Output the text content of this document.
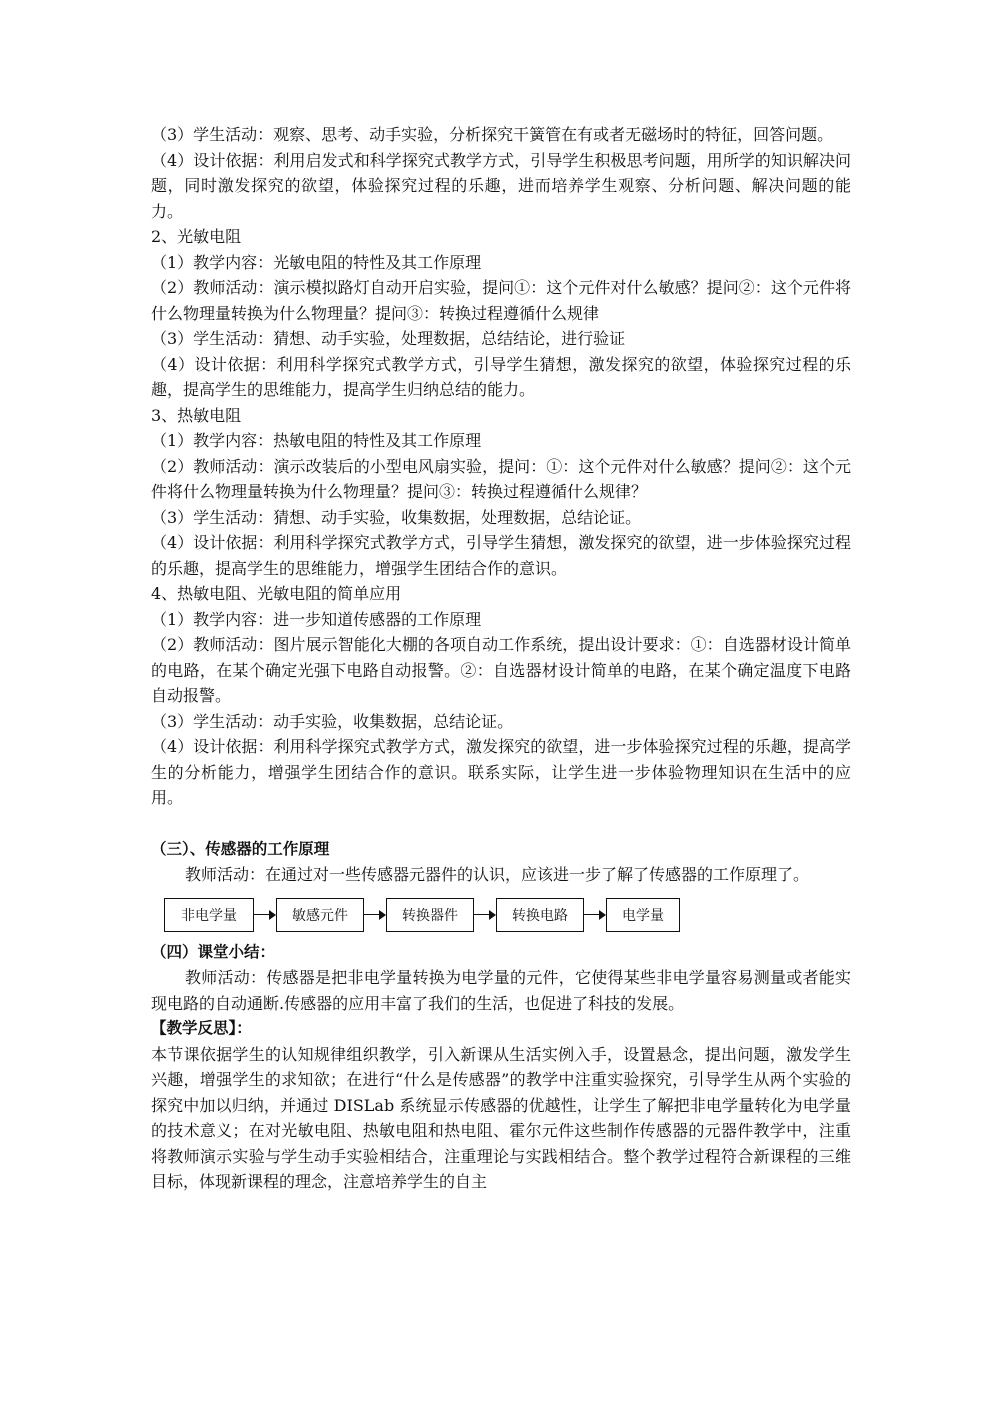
（3）学生活动：观察、思考、动手实验，分析探究干簧管在有或者无磁场时的特征，回答问题。

（4）设计依据：利用启发式和科学探究式教学方式，引导学生积极思考问题，用所学的知识解决问题，同时激发探究的欲望，体验探究过程的乐趣，进而培养学生观察、分析问题、解决问题的能力。

2、光敏电阻

（1）教学内容：光敏电阻的特性及其工作原理

（2）教师活动：演示模拟路灯自动开启实验，提问①：这个元件对什么敏感？提问②：这个元件将什么物理量转换为什么物理量？提问③：转换过程遵循什么规律

（3）学生活动：猜想、动手实验，处理数据，总结结论，进行验证

（4）设计依据：利用科学探究式教学方式，引导学生猜想，激发探究的欲望，体验探究过程的乐趣，提高学生的思维能力，提高学生归纳总结的能力。

3、热敏电阻

（1）教学内容：热敏电阻的特性及其工作原理

（2）教师活动：演示改装后的小型电风扇实验，提问：①：这个元件对什么敏感？提问②：这个元件将什么物理量转换为什么物理量？提问③：转换过程遵循什么规律？

（3）学生活动：猜想、动手实验，收集数据，处理数据，总结论证。

（4）设计依据：利用科学探究式教学方式，引导学生猜想，激发探究的欲望，进一步体验探究过程的乐趣，提高学生的思维能力，增强学生团结合作的意识。

4、热敏电阻、光敏电阻的简单应用

（1）教学内容：进一步知道传感器的工作原理

（2）教师活动：图片展示智能化大棚的各项自动工作系统，提出设计要求：①：自选器材设计简单的电路，在某个确定光强下电路自动报警。②：自选器材设计简单的电路，在某个确定温度下电路自动报警。

（3）学生活动：动手实验，收集数据，总结论证。

（4）设计依据：利用科学探究式教学方式，激发探究的欲望，进一步体验探究过程的乐趣，提高学生的分析能力，增强学生团结合作的意识。联系实际，让学生进一步体验物理知识在生活中的应用。

（三）、传感器的工作原理

教师活动：在通过对一些传感器元器件的认识，应该进一步了解了传感器的工作原理了。

非电学量	敏感元件	转换器件	转换电路	电学量

（四）课堂小结：

教师活动：传感器是把非电学量转换为电学量的元件，它使得某些非电学量容易测量或者能实现电路的自动通断.传感器的应用丰富了我们的生活，也促进了科技的发展。

【教学反思】：

本节课依据学生的认知规律组织教学，引入新课从生活实例入手，设置悬念，提出问题，激发学生兴趣，增强学生的求知欲；在进行“什么是传感器”的教学中注重实验探究，引导学生从两个实验的探究中加以归纳，并通过 DISLab 系统显示传感器的优越性，让学生了解把非电学量转化为电学量的技术意义；在对光敏电阻、热敏电阻和热电阻、霍尔元件这些制作传感器的元器件教学中，注重将教师演示实验与学生动手实验相结合，注重理论与实践相结合。整个教学过程符合新课程的三维目标，体现新课程的理念，注意培养学生的自主
